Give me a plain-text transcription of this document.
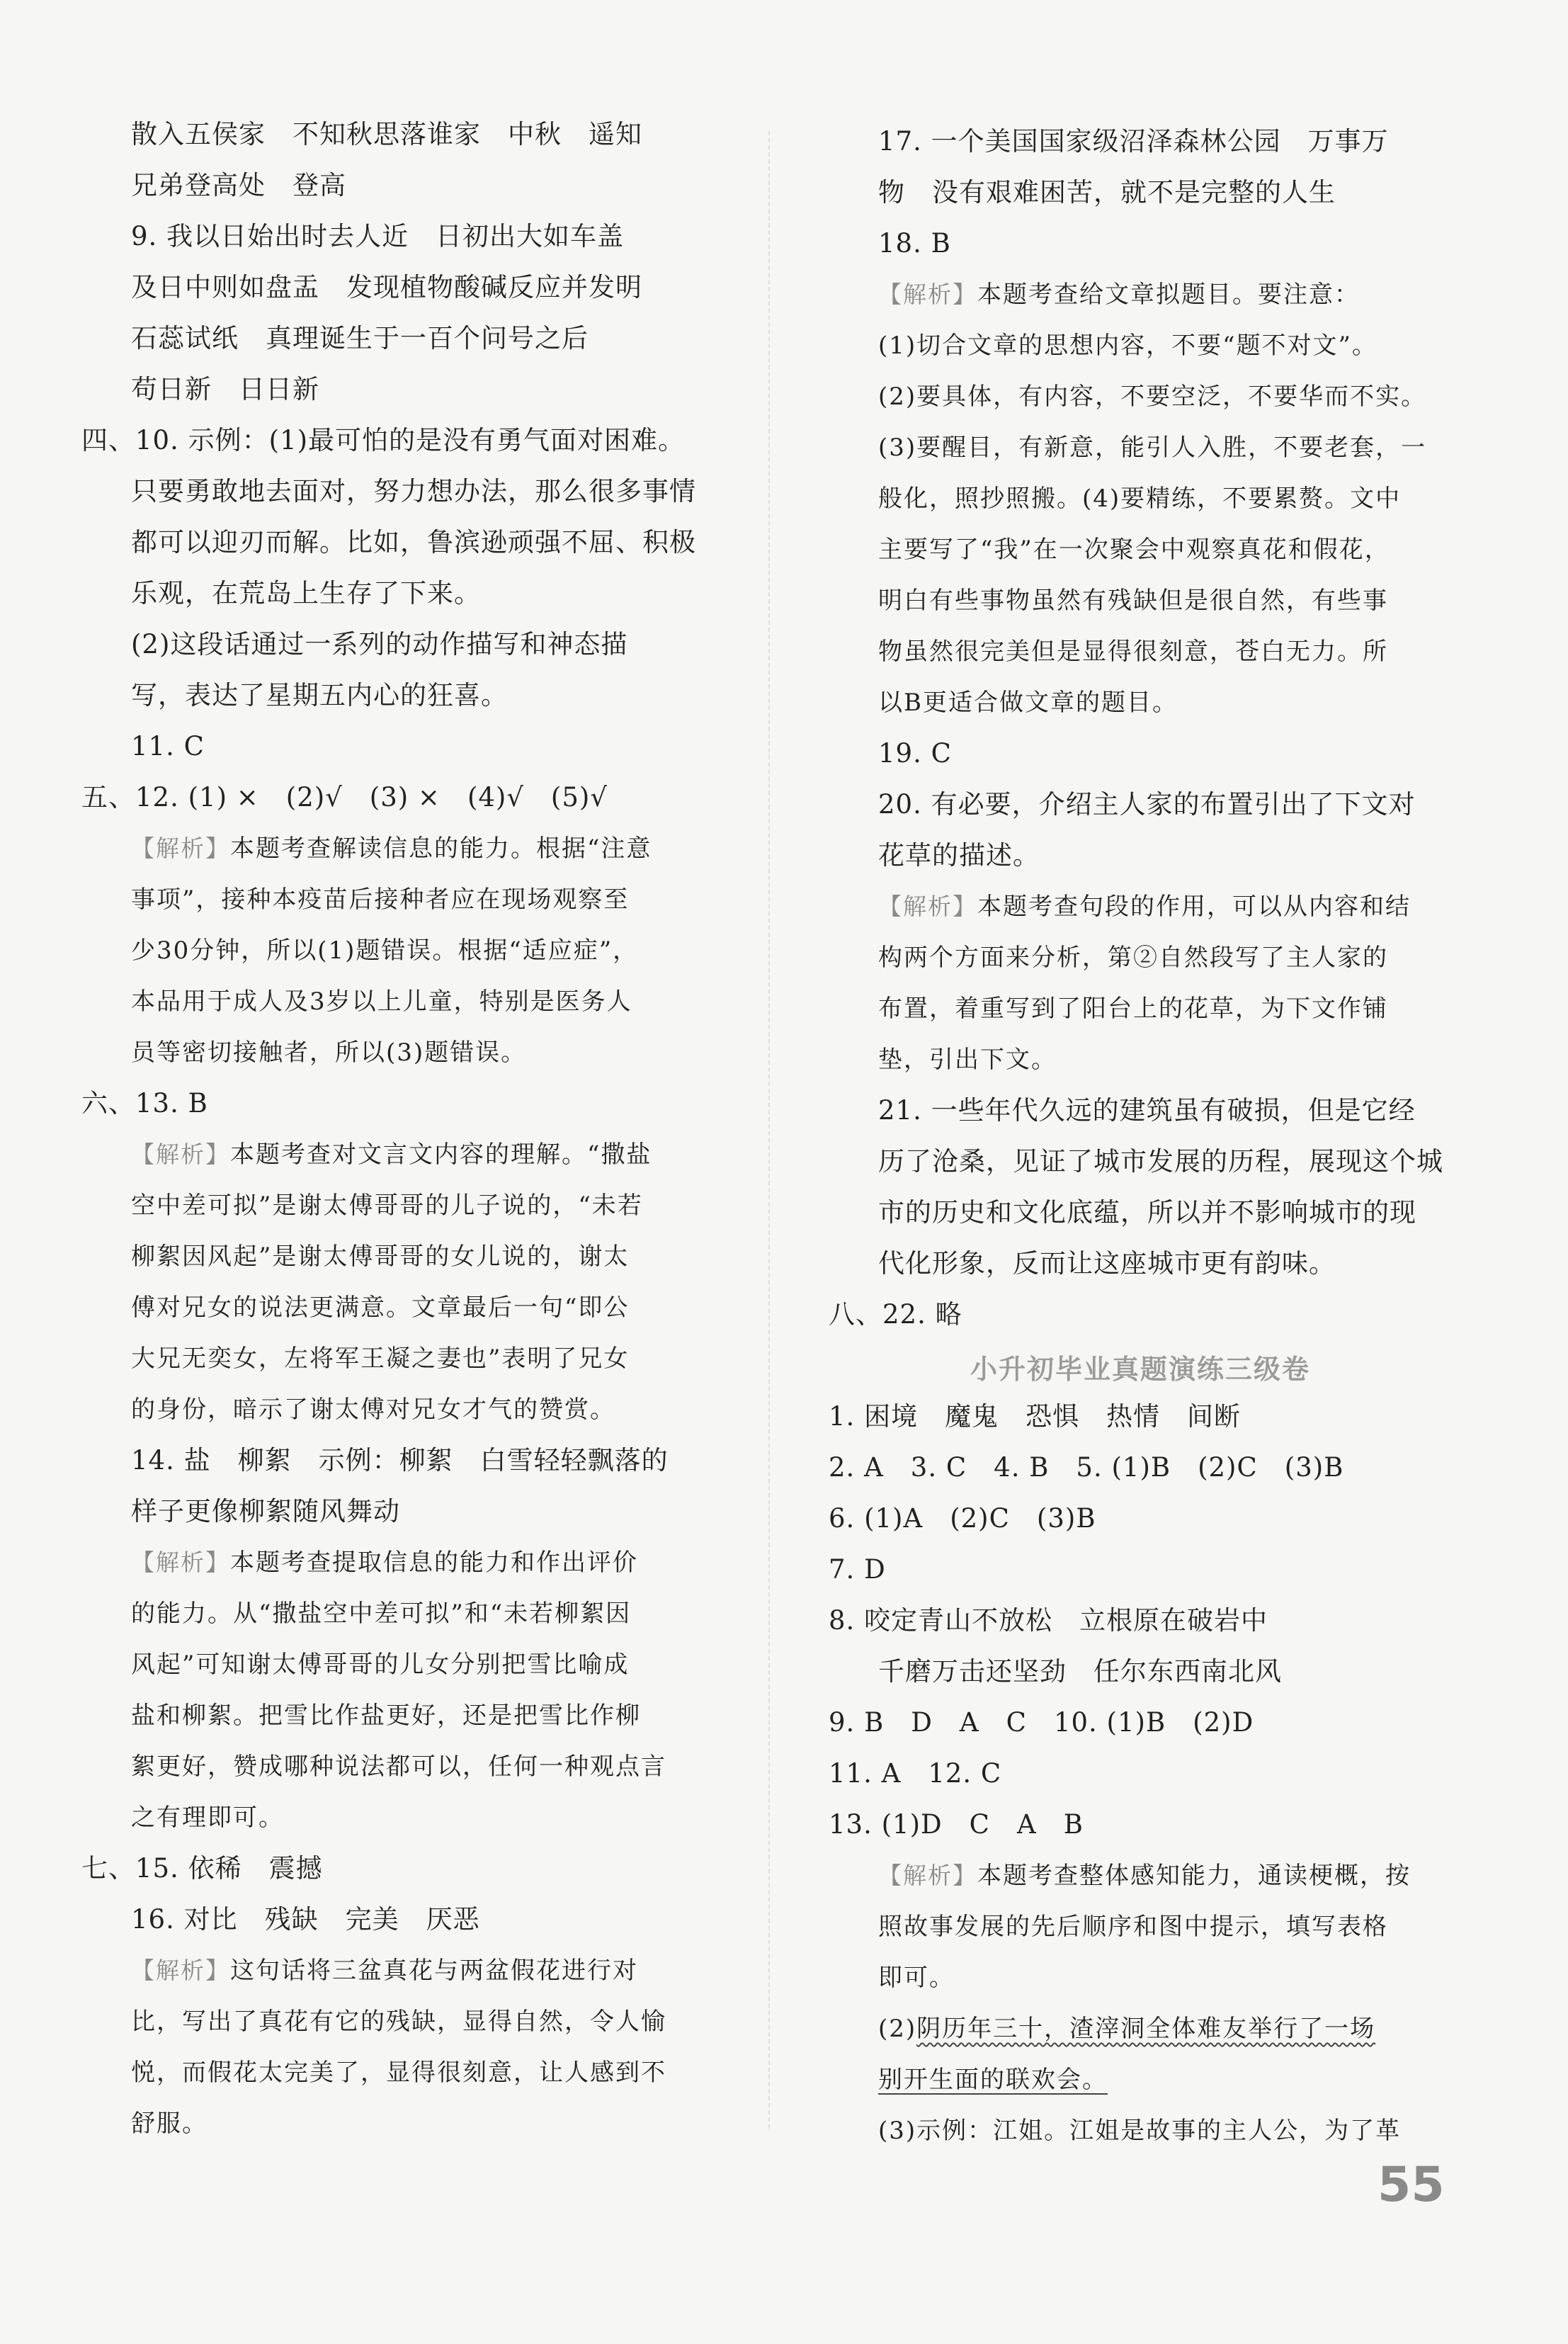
散入五侯家　不知秋思落谁家　中秋　遥知
兄弟登高处　登高
9. 我以日始出时去人近　日初出大如车盖
及日中则如盘盂　发现植物酸碱反应并发明
石蕊试纸　真理诞生于一百个问号之后
苟日新　日日新
四、10. 示例：(1)最可怕的是没有勇气面对困难。
只要勇敢地去面对，努力想办法，那么很多事情
都可以迎刃而解。比如，鲁滨逊顽强不屈、积极
乐观，在荒岛上生存了下来。
(2)这段话通过一系列的动作描写和神态描
写，表达了星期五内心的狂喜。
11. C
五、12. (1) ×　(2)√　(3) ×　(4)√　(5)√
【解析】本题考查解读信息的能力。根据“注意
事项”，接种本疫苗后接种者应在现场观察至
少30分钟，所以(1)题错误。根据“适应症”，
本品用于成人及3岁以上儿童，特别是医务人
员等密切接触者，所以(3)题错误。
六、13. B
【解析】本题考查对文言文内容的理解。“撒盐
空中差可拟”是谢太傅哥哥的儿子说的，“未若
柳絮因风起”是谢太傅哥哥的女儿说的，谢太
傅对兄女的说法更满意。文章最后一句“即公
大兄无奕女，左将军王凝之妻也”表明了兄女
的身份，暗示了谢太傅对兄女才气的赞赏。
14. 盐　柳絮　示例：柳絮　白雪轻轻飘落的
样子更像柳絮随风舞动
【解析】本题考查提取信息的能力和作出评价
的能力。从“撒盐空中差可拟”和“未若柳絮因
风起”可知谢太傅哥哥的儿女分别把雪比喻成
盐和柳絮。把雪比作盐更好，还是把雪比作柳
絮更好，赞成哪种说法都可以，任何一种观点言
之有理即可。
七、15. 依稀　震撼
16. 对比　残缺　完美　厌恶
【解析】这句话将三盆真花与两盆假花进行对
比，写出了真花有它的残缺，显得自然，令人愉
悦，而假花太完美了，显得很刻意，让人感到不
舒服。
17. 一个美国国家级沼泽森林公园　万事万
物　没有艰难困苦，就不是完整的人生
18. B
【解析】本题考查给文章拟题目。要注意：
(1)切合文章的思想内容，不要“题不对文”。
(2)要具体，有内容，不要空泛，不要华而不实。
(3)要醒目，有新意，能引人入胜，不要老套，一
般化，照抄照搬。(4)要精练，不要累赘。文中
主要写了“我”在一次聚会中观察真花和假花，
明白有些事物虽然有残缺但是很自然，有些事
物虽然很完美但是显得很刻意，苍白无力。所
以B更适合做文章的题目。
19. C
20. 有必要，介绍主人家的布置引出了下文对
花草的描述。
【解析】本题考查句段的作用，可以从内容和结
构两个方面来分析，第②自然段写了主人家的
布置，着重写到了阳台上的花草，为下文作铺
垫，引出下文。
21. 一些年代久远的建筑虽有破损，但是它经
历了沧桑，见证了城市发展的历程，展现这个城
市的历史和文化底蕴，所以并不影响城市的现
代化形象，反而让这座城市更有韵味。
八、22. 略
1. 困境　魔鬼　恐惧　热情　间断
2. A　3. C　4. B　5. (1)B　(2)C　(3)B
6. (1)A　(2)C　(3)B
7. D
8. 咬定青山不放松　立根原在破岩中
千磨万击还坚劲　任尔东西南北风
9. B　D　A　C　10. (1)B　(2)D
11. A　12. C
13. (1)D　C　A　B
【解析】本题考查整体感知能力，通读梗概，按
照故事发展的先后顺序和图中提示，填写表格
即可。
(2)阴历年三十，渣滓洞全体难友举行了一场
别开生面的联欢会。
(3)示例：江姐。江姐是故事的主人公，为了革
小升初毕业真题演练三级卷
55
